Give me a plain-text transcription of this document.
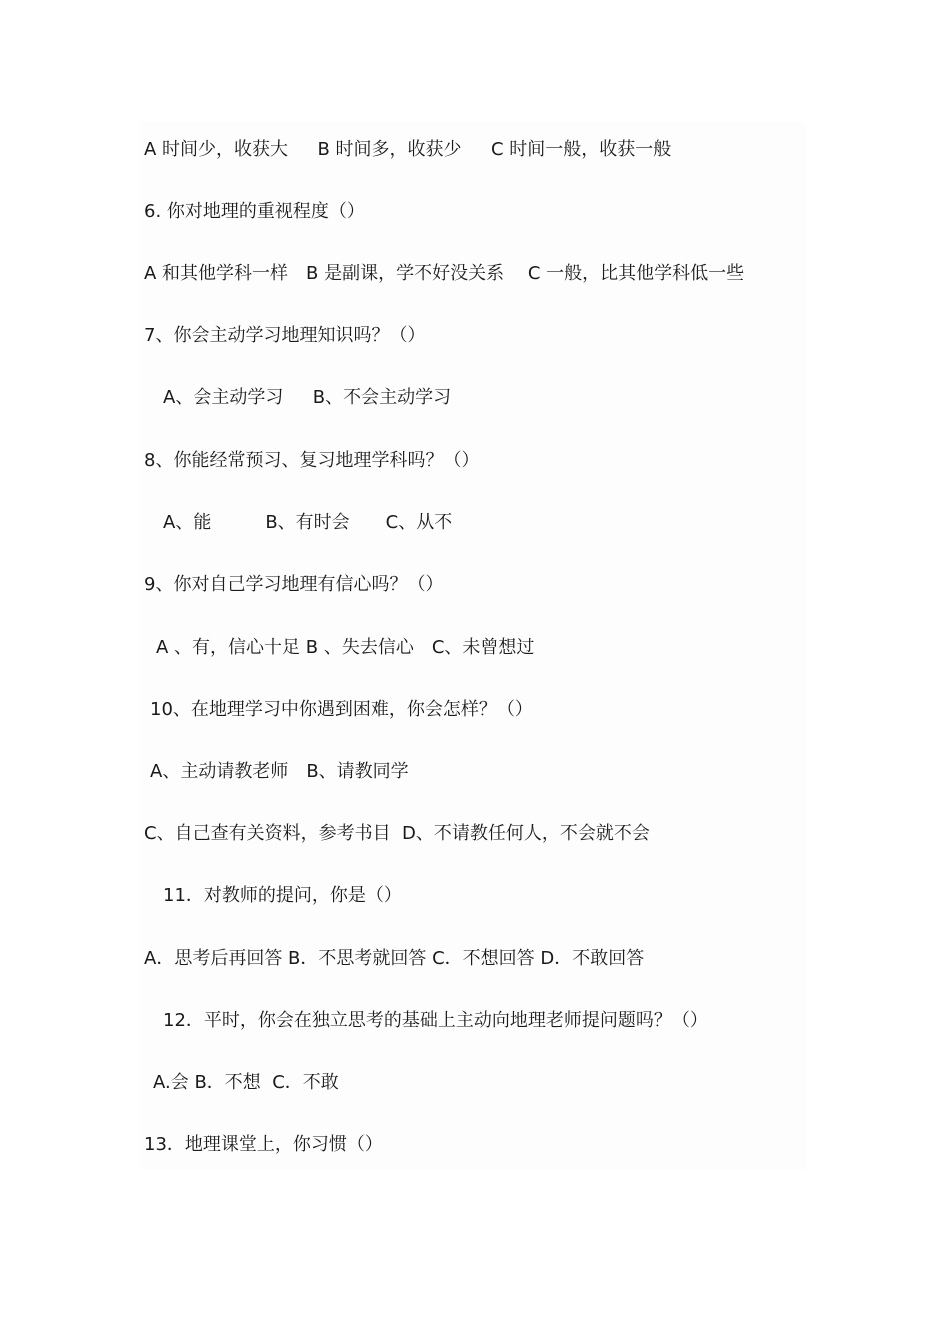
A 时间少，收获大　  B 时间多，收获少　  C 时间一般，收获一般
6. 你对地理的重视程度（）
A 和其他学科一样　B 是副课，学不好没关系　 C 一般，比其他学科低一些
7、你会主动学习地理知识吗？（）
A、会主动学习　  B、不会主动学习
8、你能经常预习、复习地理学科吗？（）
A、能　　　B、有时会　　C、从不
9、你对自己学习地理有信心吗？（）
A 、有，信心十足 B 、失去信心　C、未曾想过
10、在地理学习中你遇到困难，你会怎样？（）
A、主动请教老师　B、请教同学
C、自己查有关资料，参考书目  D、不请教任何人，不会就不会
11．对教师的提问，你是（）
A．思考后再回答 B．不思考就回答 C．不想回答 D．不敢回答
12．平时，你会在独立思考的基础上主动向地理老师提问题吗？（）
A.会 B．不想  C．不敢
13．地理课堂上，你习惯（）
